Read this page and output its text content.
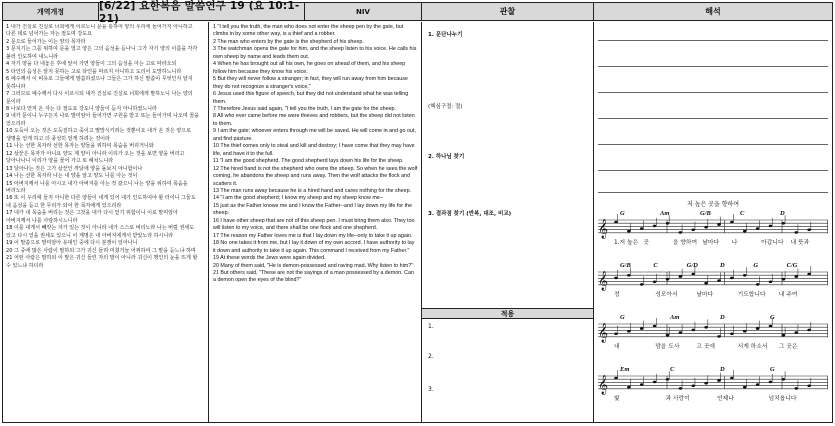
개역개정	[6/22] 요한복음 말씀연구 19 (요 10:1-21)
NIV	관찰	해석
1 내가 진실로 진실로 너희에게 이르노니 문을 통하여 양의 우리에 들어가지 아니하고 다른 데로 넘어가는 자는 절도며 강도요
2 문으로 들어가는 이는 양의 목자라
3 문지기는 그를 위하여 문을 열고 양은 그의 음성을 듣나니 그가 자기 양의 이름을 각각 불러 인도하여 내느니라
4 자기 양을 다 내놓은 후에 앞서 가면 양들이 그의 음성을 아는 고로 따라오되
5 타인의 음성은 알지 못하는 고로 타인을 따르지 아니하고 도리어 도망하느니라
6 예수께서 이 비유로 그들에게 말씀하셨으나 그들은 그가 하신 말씀이 무엇인지 알지 못하니라
7 그러므로 예수께서 다시 이르시되 내가 진실로 진실로 너희에게 말하노니 나는 양의 문이라
8 나보다 먼저 온 자는 다 절도요 강도니 양들이 듣지 아니하였느니라
9 내가 문이니 누구든지 나로 말미암아 들어가면 구원을 받고 또는 들어가며 나오며 꼴을 얻으리라
10 도둑이 오는 것은 도둑질하고 죽이고 멸망시키려는 것뿐이요 내가 온 것은 양으로 생명을 얻게 하고 더 풍성히 얻게 하려는 것이라
11 나는 선한 목자라 선한 목자는 양들을 위하여 목숨을 버리거니와
12 삯꾼은 목자가 아니요 양도 제 양이 아니라 이리가 오는 것을 보면 양을 버리고 달아나나니 이리가 양을 물어 가고 또 헤치느니라
13 달아나는 것은 그가 삯꾼인 까닭에 양을 돌보지 아니함이나
14 나는 선한 목자라 나는 내 양을 알고 양도 나를 아는 것이
15 아버지께서 나를 아시고 내가 아버지를 아는 것 같으니 나는 양을 위하여 목숨을 버리노라
16 또 이 우리에 들지 아니한 다른 양들이 내게 있어 내가 인도하여야 할 터이니 그들도 내 음성을 듣고 한 무리가 되어 한 목자에게 있으리라
17 내가 내 목숨을 버리는 것은 그것을 내가 다시 얻기 위함이니 이로 말미암아 아버지께서 나를 사랑하시느니라
18 이를 내게서 빼앗는 자가 있는 것이 아니라 내가 스스로 버리노라 나는 버릴 권세도 있고 다시 얻을 권세도 있으니 이 계명은 내 아버지에게서 받았노라 하시니라
19 이 말씀으로 말미암아 유대인 중에 다시 분쟁이 일어나니
20 그 중에 많은 사람이 말하되 그가 귀신 들려 미쳤거늘 어찌하여 그 말을 듣느냐 하며
21 어떤 사람은 말하되 이 말은 귀신 들린 자의 말이 아니라 귀신이 맹인의 눈을 뜨게 할 수 있느냐 하더라
1 "I tell you the truth, the man who does not enter the sheep pen by the gate, but climbs in by some other way, is a thief and a robber.
2 The man who enters by the gate is the shepherd of his sheep.
3 The watchman opens the gate for him, and the sheep listen to his voice. He calls his own sheep by name and leads them out.
4 When he has brought out all his own, he goes on ahead of them, and his sheep follow him because they know his voice.
5 But they will never follow a stranger; in fact, they will run away from him because they do not recognize a stranger's voice."
6 Jesus used this figure of speech, but they did not understand what he was telling them.
7 Therefore Jesus said again, "I tell you the truth, I am the gate for the sheep.
8 All who ever came before me were thieves and robbers, but the sheep did not listen to them.
9 I am the gate; whoever enters through me will be saved. He will come in and go out, and find pasture.
10 The thief comes only to steal and kill and destroy; I have come that they may have life, and have it to the full.
11 "I am the good shepherd. The good shepherd lays down his life for the sheep.
12 The hired hand is not the shepherd who owns the sheep. So when he sees the wolf coming, he abandons the sheep and runs away. Then the wolf attacks the flock and scatters it.
13 The man runs away because he is a hired hand and cares nothing for the sheep.
14 "I am the good shepherd; I know my sheep and my sheep know me--
15 just as the Father knows me and I know the Father--and I lay down my life for the sheep.
16 I have other sheep that are not of this sheep pen. I must bring them also. They too will listen to my voice, and there shall be one flock and one shepherd.
17 The reason my Father loves me is that I lay down my life--only to take it up again.
18 No one takes it from me, but I lay it down of my own accord. I have authority to lay it down and authority to take it up again. This command I received from my Father."
19 At these words the Jews were again divided.
20 Many of them said, "He is demon-possessed and raving mad. Why listen to him?"
21 But others said, "These are not the sayings of a man possessed by a demon. Can a demon open the eyes of the blind?"
1. 문단나누기
(핵심구절: 절)
2. 하나님 찾기
3. 결과점 찾기 (반복, 대조, 비교)
적용
1.
2.
3.
저 높은 곳을 향하여
G	Am	G/B	C	D
𝄞
1.저 높은 곳	을 향하여 날마다 나	아갑니다 내 뜻과
G/B	C	G/D	D	G	C/G
𝄞
정	성모아서	날마다	기도합니다 내 주여
G	Am	D	G
𝄞
내	맘을 도사	고 곳에	서게 하소서 그 곳은
Em	C	D	G
𝄞
빛	과 사랑이	언제나	넘치옵니다
